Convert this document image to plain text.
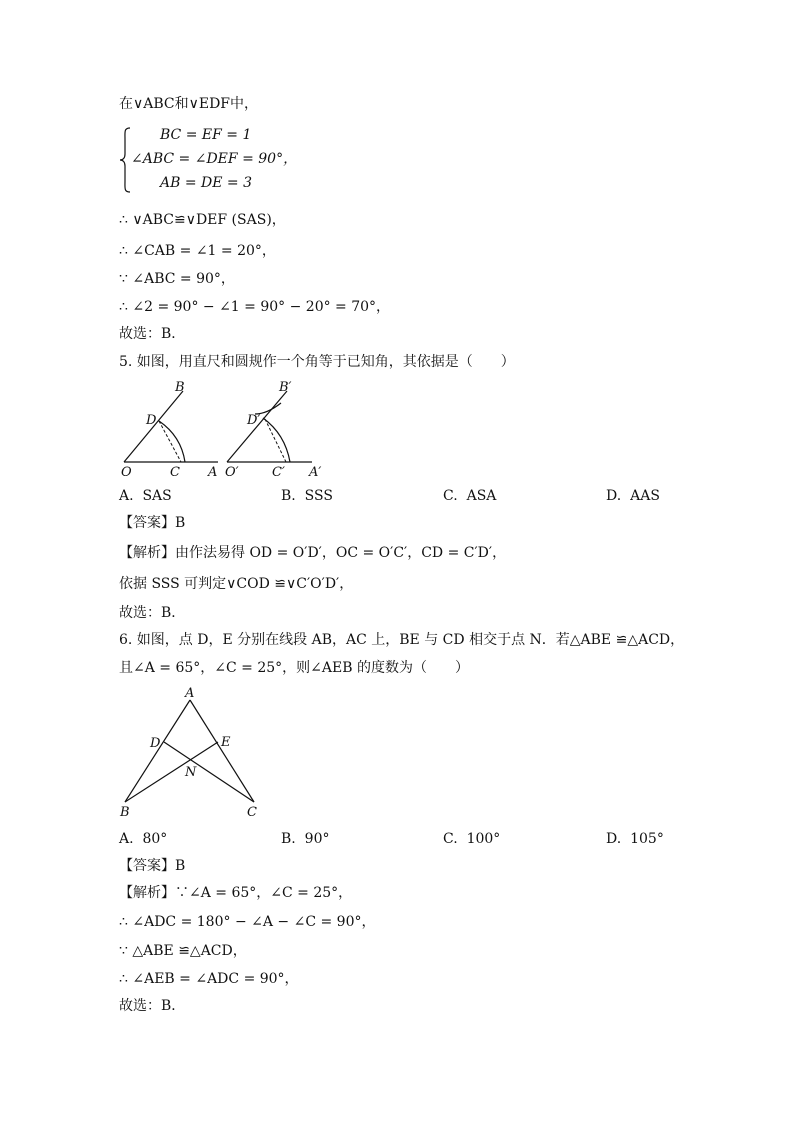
在∨ABC和∨EDF中，
BC = EF = 1
∠ABC = ∠DEF = 90°，
AB = DE = 3
∴ ∨ABC≌∨DEF (SAS)，
∴ ∠CAB = ∠1 = 20°，
∵ ∠ABC = 90°，
∴ ∠2 = 90° − ∠1 = 90° − 20° = 70°，
故选：B．
5. 如图，用直尺和圆规作一个角等于已知角，其依据是（　　）
B
D
O	C A
B′
D′
O′	C′ A′
A. SAS	B. SSS	C. ASA	D. AAS
【答案】B
【解析】由作法易得 OD = O′D′，OC = O′C′，CD = C′D′，
依据 SSS 可判定∨COD ≌∨C′O′D′，
故选：B．
6. 如图，点 D，E 分别在线段 AB，AC 上，BE 与 CD 相交于点 N．若△ABE ≌△ACD，
且∠A = 65°，∠C = 25°，则∠AEB 的度数为（　　）
A
D	E
N
B	C
A. 80°	B. 90°	C. 100°	D. 105°
【答案】B
【解析】∵∠A = 65°，∠C = 25°，
∴ ∠ADC = 180° − ∠A − ∠C = 90°，
∵ △ABE ≌△ACD，
∴ ∠AEB = ∠ADC = 90°，
故选：B．
